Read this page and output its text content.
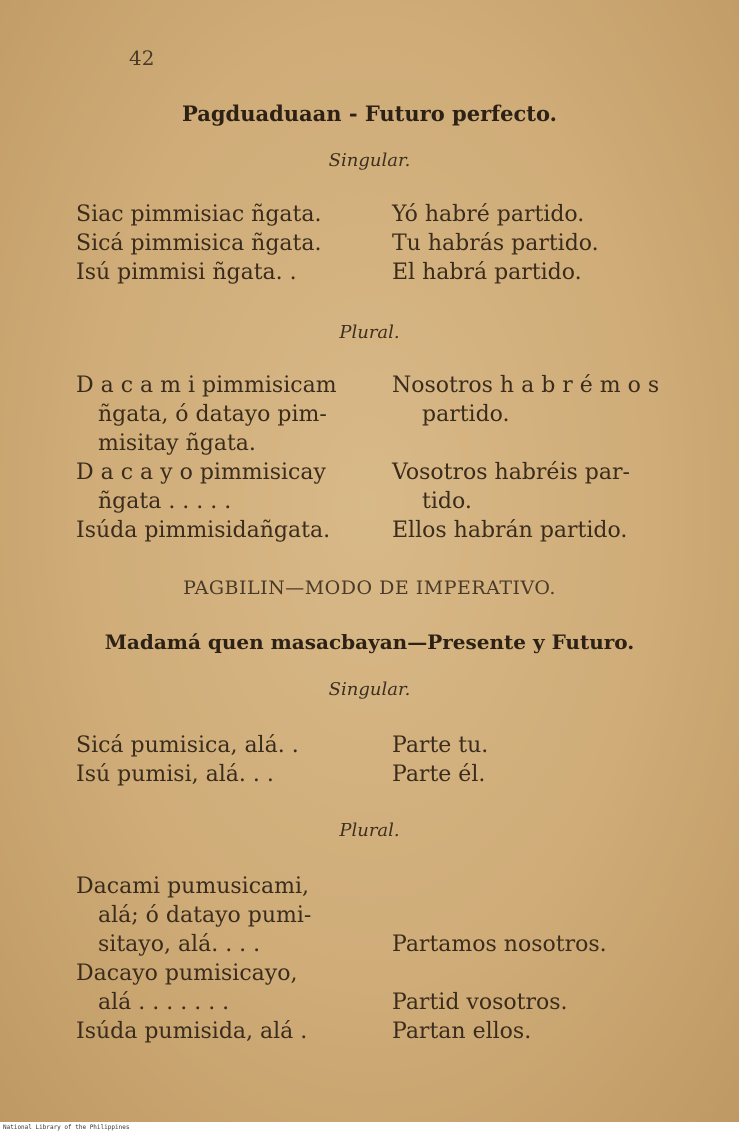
42
Pagduaduaan - Futuro perfecto.
Singular.
Siac pimmisiac ñgata.	Yó habré partido.
Sicá pimmisica ñgata.	Tu habrás partido.
Isú pimmisi ñgata. .	El habrá partido.
Plural.
D a c a m i pimmisicam	Nosotros h a b r é m o s
ñgata, ó datayo pim-	partido.
misitay ñgata.
D a c a y o pimmisicay	Vosotros habréis par-
ñgata . . . . .	tido.
Isúda pimmisidañgata.	Ellos habrán partido.
PAGBILIN—MODO DE IMPERATIVO.
Madamá quen masacbayan—Presente y Futuro.
Singular.
Sicá pumisica, alá. .	Parte tu.
Isú pumisi, alá. . .	Parte él.
Plural.
Dacami pumusicami,
alá; ó datayo pumi-
sitayo, alá. . . .	Partamos nosotros.
Dacayo pumisicayo,
alá . . . . . . .	Partid vosotros.
Isúda pumisida, alá .	Partan ellos.
National Library of the Philippines
